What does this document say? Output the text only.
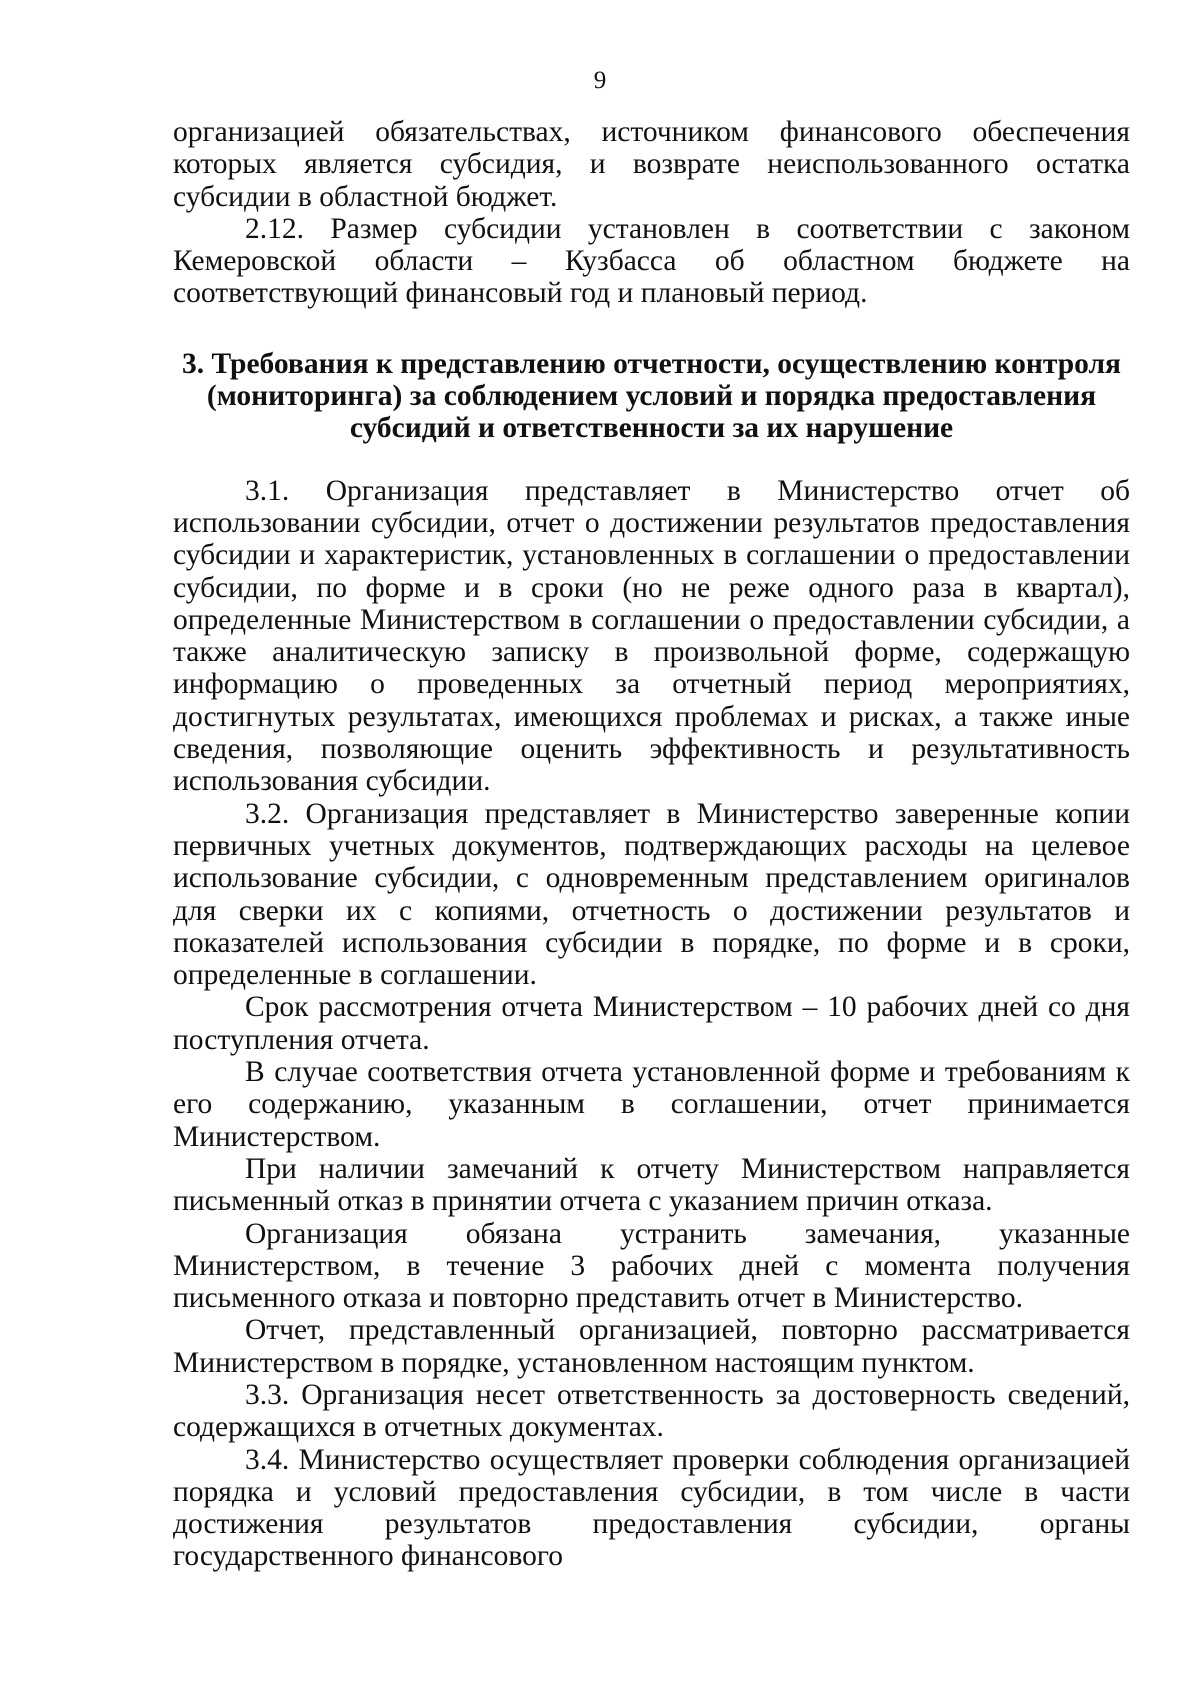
9

организацией обязательствах, источником финансового обеспечения которых является субсидия, и возврате неиспользованного остатка субсидии в областной бюджет.

2.12. Размер субсидии установлен в соответствии с законом Кемеровской области – Кузбасса об областном бюджете на соответствующий финансовый год и плановый период.

3. Требования к представлению отчетности, осуществлению контроля (мониторинга) за соблюдением условий и порядка предоставления субсидий и ответственности за их нарушение

3.1. Организация представляет в Министерство отчет об использовании субсидии, отчет о достижении результатов предоставления субсидии и характеристик, установленных в соглашении о предоставлении субсидии, по форме и в сроки (но не реже одного раза в квартал), определенные Министерством в соглашении о предоставлении субсидии, а также аналитическую записку в произвольной форме, содержащую информацию о проведенных за отчетный период мероприятиях, достигнутых результатах, имеющихся проблемах и рисках, а также иные сведения, позволяющие оценить эффективность и результативность использования субсидии.

3.2. Организация представляет в Министерство заверенные копии первичных учетных документов, подтверждающих расходы на целевое использование субсидии, с одновременным представлением оригиналов для сверки их с копиями, отчетность о достижении результатов и показателей использования субсидии в порядке, по форме и в сроки, определенные в соглашении.

Срок рассмотрения отчета Министерством – 10 рабочих дней со дня поступления отчета.

В случае соответствия отчета установленной форме и требованиям к его содержанию, указанным в соглашении, отчет принимается Министерством.

При наличии замечаний к отчету Министерством направляется письменный отказ в принятии отчета с указанием причин отказа.

Организация обязана устранить замечания, указанные Министерством, в течение 3 рабочих дней с момента получения письменного отказа и повторно представить отчет в Министерство.

Отчет, представленный организацией, повторно рассматривается Министерством в порядке, установленном настоящим пунктом.

3.3. Организация несет ответственность за достоверность сведений, содержащихся в отчетных документах.

3.4. Министерство осуществляет проверки соблюдения организацией порядка и условий предоставления субсидии, в том числе в части достижения результатов предоставления субсидии, органы государственного финансового
